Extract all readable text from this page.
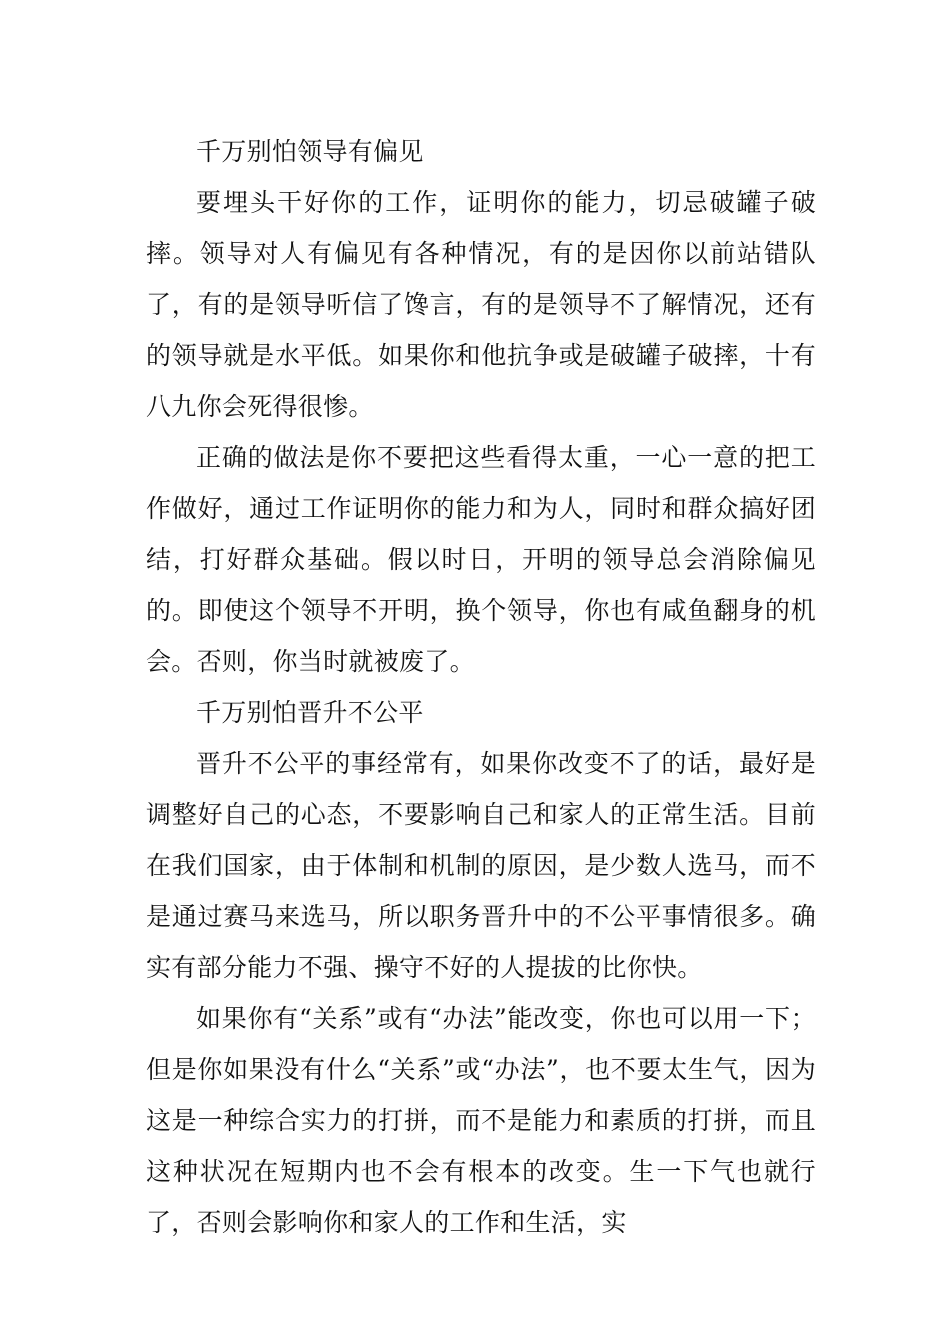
千万别怕领导有偏见

要埋头干好你的工作，证明你的能力，切忌破罐子破摔。领导对人有偏见有各种情况，有的是因你以前站错队了，有的是领导听信了馋言，有的是领导不了解情况，还有的领导就是水平低。如果你和他抗争或是破罐子破摔，十有八九你会死得很惨。

正确的做法是你不要把这些看得太重，一心一意的把工作做好，通过工作证明你的能力和为人，同时和群众搞好团结，打好群众基础。假以时日，开明的领导总会消除偏见的。即使这个领导不开明，换个领导，你也有咸鱼翻身的机会。否则，你当时就被废了。

千万别怕晋升不公平

晋升不公平的事经常有，如果你改变不了的话，最好是调整好自己的心态，不要影响自己和家人的正常生活。目前在我们国家，由于体制和机制的原因，是少数人选马，而不是通过赛马来选马，所以职务晋升中的不公平事情很多。确实有部分能力不强、操守不好的人提拔的比你快。

如果你有“关系”或有“办法”能改变，你也可以用一下；但是你如果没有什么“关系”或“办法”，也不要太生气，因为这是一种综合实力的打拼，而不是能力和素质的打拼，而且这种状况在短期内也不会有根本的改变。生一下气也就行了，否则会影响你和家人的工作和生活，实
